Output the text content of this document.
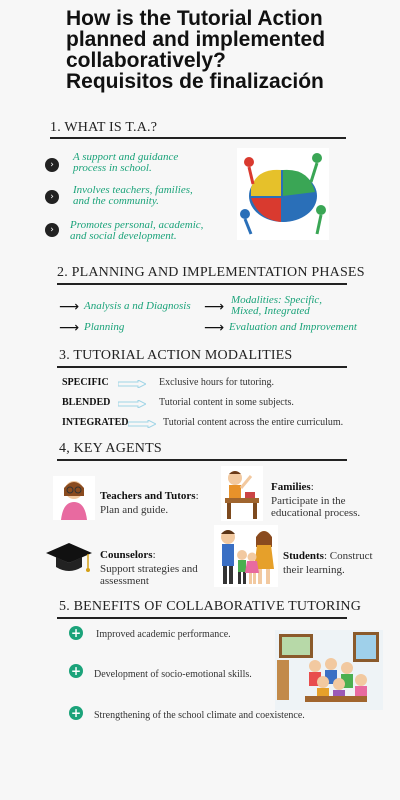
How is the Tutorial Action
planned and implemented
collaboratively?
Requisitos de finalización
1. WHAT IS T.A.?
›
A support and guidance
process in school.
›
Involves teachers, families,
and the community.
›	Promotes personal, academic,
and social development.
2. PLANNING AND IMPLEMENTATION PHASES
⟶ Analysis a nd Diagnosis ⟶ Modalities: Specific,
Mixed, Integrated
⟶ Planning	⟶ Evaluation and Improvement
3. TUTORIAL ACTION MODALITIES
SPECIFIC	Exclusive hours for tutoring.
BLENDED	Tutorial content in some subjects.
INTEGRATED	Tutorial content across the entire curriculum.
4, KEY AGENTS
Teachers and Tutors:
Plan and guide.
Families:
Participate in the
educational process.
Counselors:
Support strategies and
assessment
Students: Construct
their learning.
5. BENEFITS OF COLLABORATIVE TUTORING
+ Improved academic performance.
+ Development of socio-emotional skills.
+ Strengthening of the school climate and coexistence.
